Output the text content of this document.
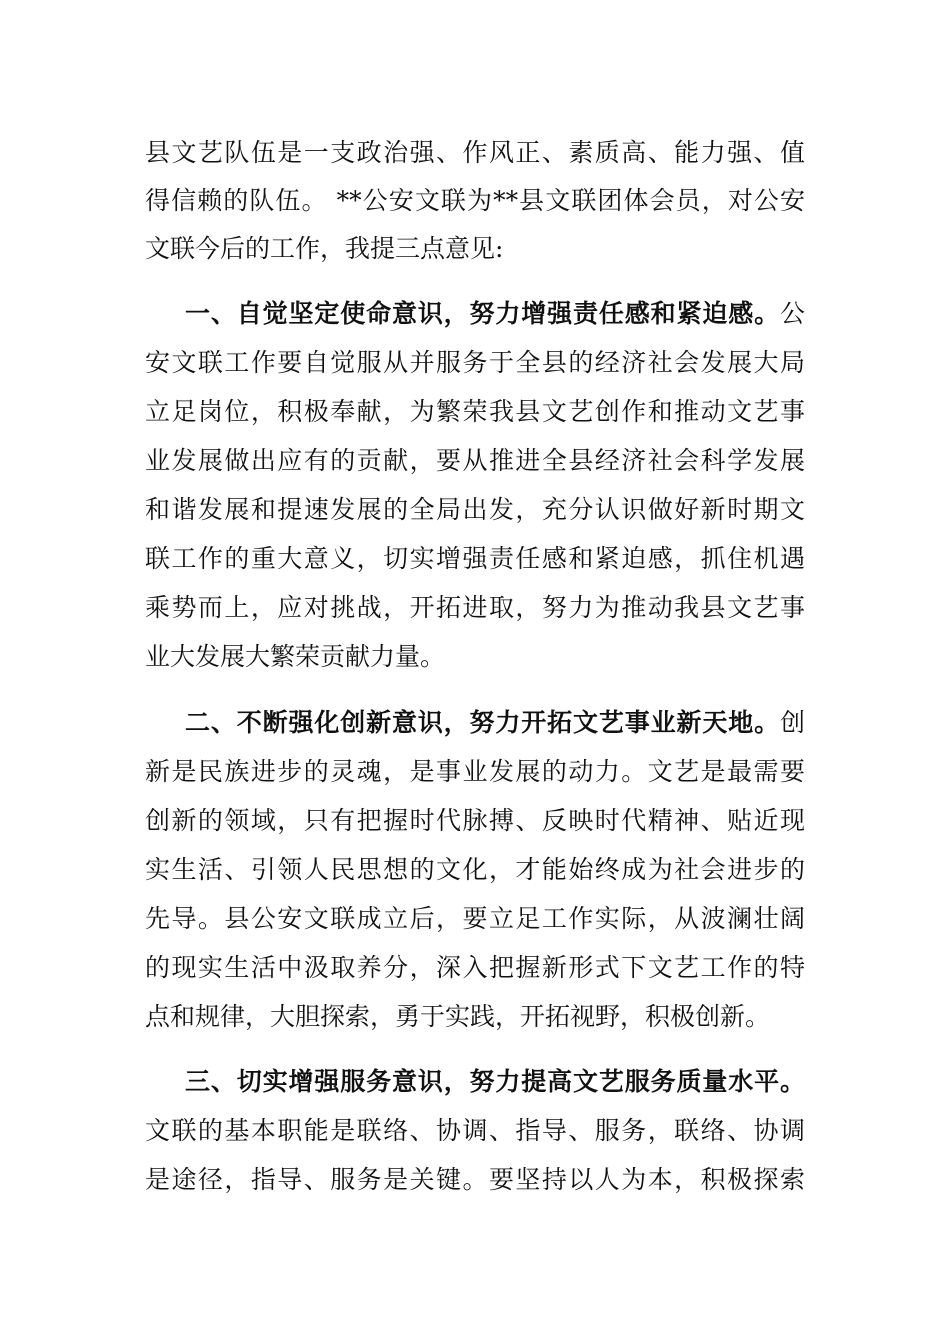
县文艺队伍是一支政治强、作风正、素质高、能力强、值
得信赖的队伍。 **公安文联为**县文联团体会员，对公安
文联今后的工作，我提三点意见:
一、自觉坚定使命意识，努力增强责任感和紧迫感。公
安文联工作要自觉服从并服务于全县的经济社会发展大局
立足岗位，积极奉献，为繁荣我县文艺创作和推动文艺事
业发展做出应有的贡献，要从推进全县经济社会科学发展
和谐发展和提速发展的全局出发，充分认识做好新时期文
联工作的重大意义，切实增强责任感和紧迫感，抓住机遇
乘势而上，应对挑战，开拓进取，努力为推动我县文艺事
业大发展大繁荣贡献力量。
二、不断强化创新意识，努力开拓文艺事业新天地。创
新是民族进步的灵魂，是事业发展的动力。文艺是最需要
创新的领域，只有把握时代脉搏、反映时代精神、贴近现
实生活、引领人民思想的文化，才能始终成为社会进步的
先导。县公安文联成立后，要立足工作实际，从波澜壮阔
的现实生活中汲取养分，深入把握新形式下文艺工作的特
点和规律，大胆探索，勇于实践，开拓视野，积极创新。
三、切实增强服务意识，努力提高文艺服务质量水平。
文联的基本职能是联络、协调、指导、服务，联络、协调
是途径，指导、服务是关键。要坚持以人为本，积极探索
